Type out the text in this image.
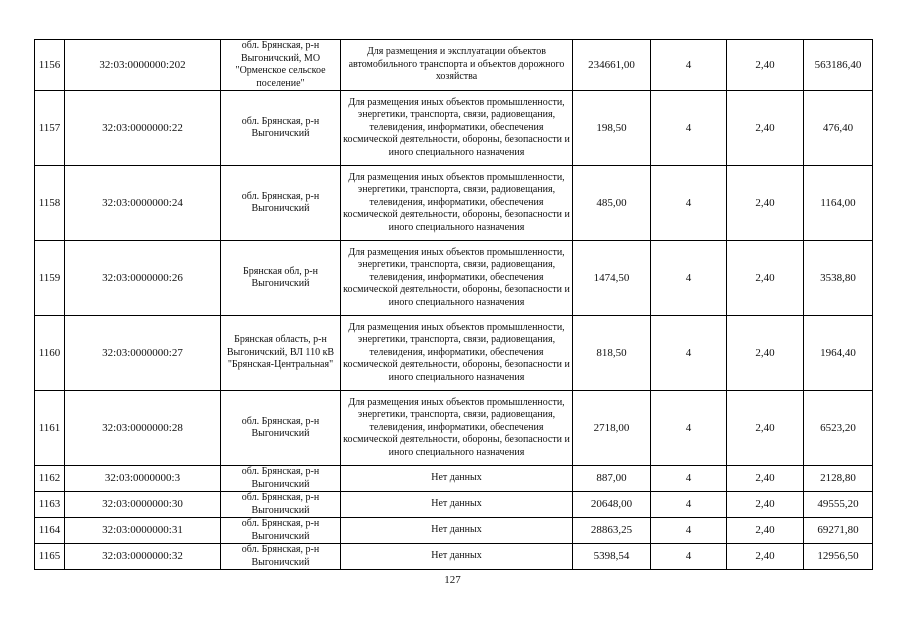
1156	32:03:0000000:202	обл. Брянская, р-н Выгоничский, МО "Орменское сельское поселение"	Для размещения и эксплуатации объектов автомобильного транспорта и объектов дорожного хозяйства	234661,00	4	2,40	563186,40
1157	32:03:0000000:22	обл. Брянская, р-н Выгоничский	Для размещения иных объектов промышленности, энергетики, транспорта, связи, радиовещания, телевидения, информатики, обеспечения космической деятельности, обороны, безопасности и иного специального назначения	198,50	4	2,40	476,40
1158	32:03:0000000:24	обл. Брянская, р-н Выгоничский	Для размещения иных объектов промышленности, энергетики, транспорта, связи, радиовещания, телевидения, информатики, обеспечения космической деятельности, обороны, безопасности и иного специального назначения	485,00	4	2,40	1164,00
1159	32:03:0000000:26	Брянская обл, р-н Выгоничский	Для размещения иных объектов промышленности, энергетики, транспорта, связи, радиовещания, телевидения, информатики, обеспечения космической деятельности, обороны, безопасности и иного специального назначения	1474,50	4	2,40	3538,80
1160	32:03:0000000:27	Брянская область, р-н Выгоничский, ВЛ 110 кВ "Брянская-Центральная"	Для размещения иных объектов промышленности, энергетики, транспорта, связи, радиовещания, телевидения, информатики, обеспечения космической деятельности, обороны, безопасности и иного специального назначения	818,50	4	2,40	1964,40
1161	32:03:0000000:28	обл. Брянская, р-н Выгоничский	Для размещения иных объектов промышленности, энергетики, транспорта, связи, радиовещания, телевидения, информатики, обеспечения космической деятельности, обороны, безопасности и иного специального назначения	2718,00	4	2,40	6523,20
1162	32:03:0000000:3	обл. Брянская, р-н Выгоничский	Нет данных	887,00	4	2,40	2128,80
1163	32:03:0000000:30	обл. Брянская, р-н Выгоничский	Нет данных	20648,00	4	2,40	49555,20
1164	32:03:0000000:31	обл. Брянская, р-н Выгоничский	Нет данных	28863,25	4	2,40	69271,80
1165	32:03:0000000:32	обл. Брянская, р-н Выгоничский	Нет данных	5398,54	4	2,40	12956,50
127
